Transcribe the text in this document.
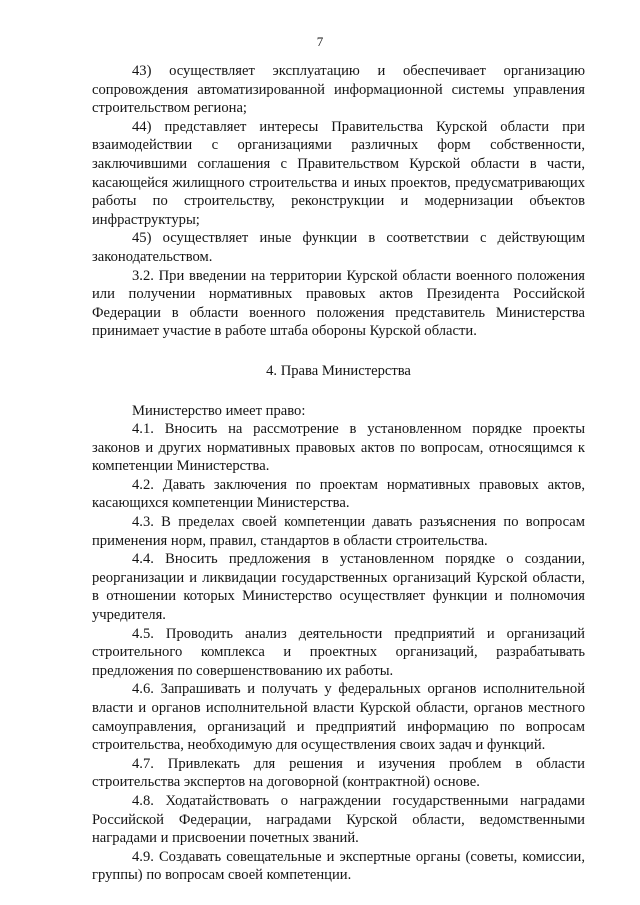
7

43) осуществляет эксплуатацию и обеспечивает организацию сопровождения автоматизированной информационной системы управления строительством региона;

44) представляет интересы Правительства Курской области при взаимодействии с организациями различных форм собственности, заключившими соглашения с Правительством Курской области в части, касающейся жилищного строительства и иных проектов, предусматривающих работы по строительству, реконструкции и модернизации объектов инфраструктуры;

45) осуществляет иные функции в соответствии с действующим законодательством.

3.2. При введении на территории Курской области военного положения или получении нормативных правовых актов Президента Российской Федерации в области военного положения представитель Министерства принимает участие в работе штаба обороны Курской области.

4. Права Министерства

Министерство имеет право:

4.1. Вносить на рассмотрение в установленном порядке проекты законов и других нормативных правовых актов по вопросам, относящимся к компетенции Министерства.

4.2. Давать заключения по проектам нормативных правовых актов, касающихся компетенции Министерства.

4.3. В пределах своей компетенции давать разъяснения по вопросам применения норм, правил, стандартов в области строительства.

4.4. Вносить предложения в установленном порядке о создании, реорганизации и ликвидации государственных организаций Курской области, в отношении которых Министерство осуществляет функции и полномочия учредителя.

4.5. Проводить анализ деятельности предприятий и организаций строительного комплекса и проектных организаций, разрабатывать предложения по совершенствованию их работы.

4.6. Запрашивать и получать у федеральных органов исполнительной власти и органов исполнительной власти Курской области, органов местного самоуправления, организаций и предприятий информацию по вопросам строительства, необходимую для осуществления своих задач и функций.

4.7. Привлекать для решения и изучения проблем в области строительства экспертов на договорной (контрактной) основе.

4.8. Ходатайствовать о награждении государственными наградами Российской Федерации, наградами Курской области, ведомственными наградами и присвоении почетных званий.

4.9. Создавать совещательные и экспертные органы (советы, комиссии, группы) по вопросам своей компетенции.
